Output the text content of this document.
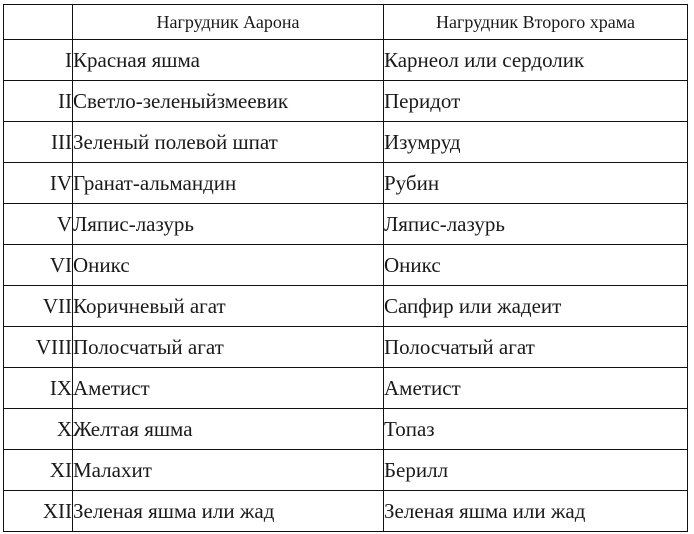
	Нагрудник Аарона	Нагрудник Второго храма
I	Красная яшма	Карнеол или сердолик
II	Светло-зеленыйзмеевик	Перидот
III	Зеленый полевой шпат	Изумруд
IV	Гранат-альмандин	Рубин
V	Ляпис-лазурь	Ляпис-лазурь
VI	Оникс	Оникс
VII	Коричневый агат	Сапфир или жадеит
VIII	Полосчатый агат	Полосчатый агат
IX	Аметист	Аметист
X	Желтая яшма	Топаз
XI	Малахит	Берилл
XII	Зеленая яшма или жад	Зеленая яшма или жад
